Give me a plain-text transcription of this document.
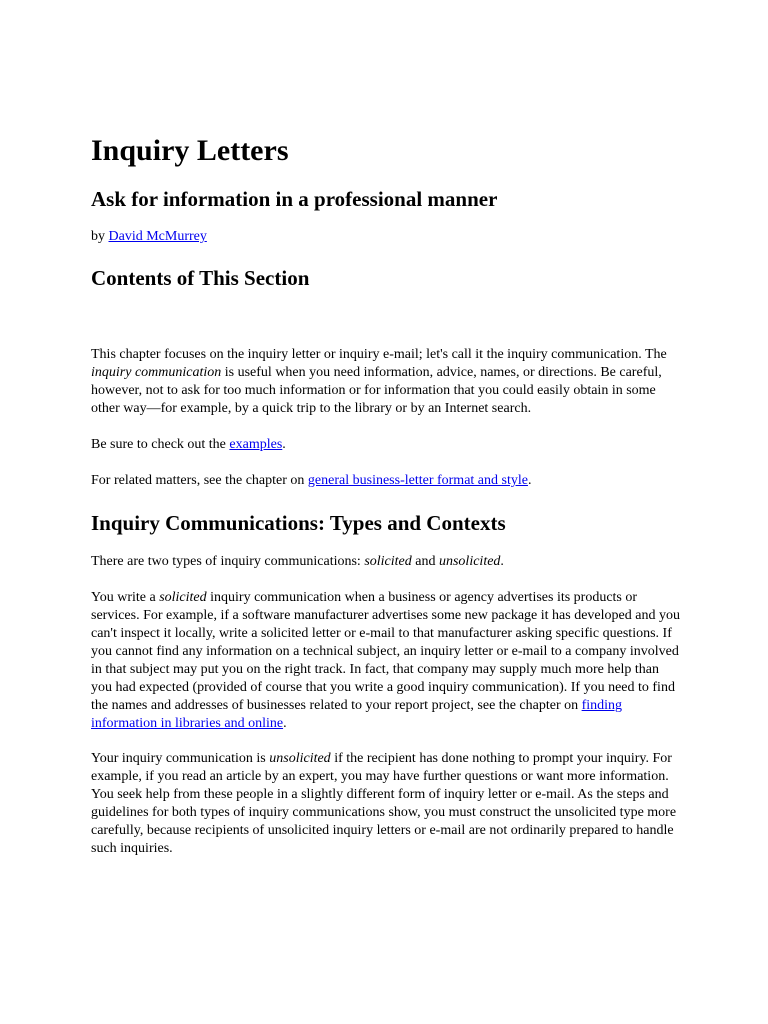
Inquiry Letters
Ask for information in a professional manner

by David McMurrey

Contents of This Section

This chapter focuses on the inquiry letter or inquiry e-mail; let's call it the inquiry communication. The inquiry communication is useful when you need information, advice, names, or directions. Be careful, however, not to ask for too much information or for information that you could easily obtain in some other way—for example, by a quick trip to the library or by an Internet search.

Be sure to check out the examples.

For related matters, see the chapter on general business-letter format and style.

Inquiry Communications: Types and Contexts

There are two types of inquiry communications: solicited and unsolicited.

You write a solicited inquiry communication when a business or agency advertises its products or services. For example, if a software manufacturer advertises some new package it has developed and you can't inspect it locally, write a solicited letter or e-mail to that manufacturer asking specific questions. If you cannot find any information on a technical subject, an inquiry letter or e-mail to a company involved in that subject may put you on the right track. In fact, that company may supply much more help than you had expected (provided of course that you write a good inquiry communication). If you need to find the names and addresses of businesses related to your report project, see the chapter on finding information in libraries and online.

Your inquiry communication is unsolicited if the recipient has done nothing to prompt your inquiry. For example, if you read an article by an expert, you may have further questions or want more information. You seek help from these people in a slightly different form of inquiry letter or e-mail. As the steps and guidelines for both types of inquiry communications show, you must construct the unsolicited type more carefully, because recipients of unsolicited inquiry letters or e-mail are not ordinarily prepared to handle such inquiries.
